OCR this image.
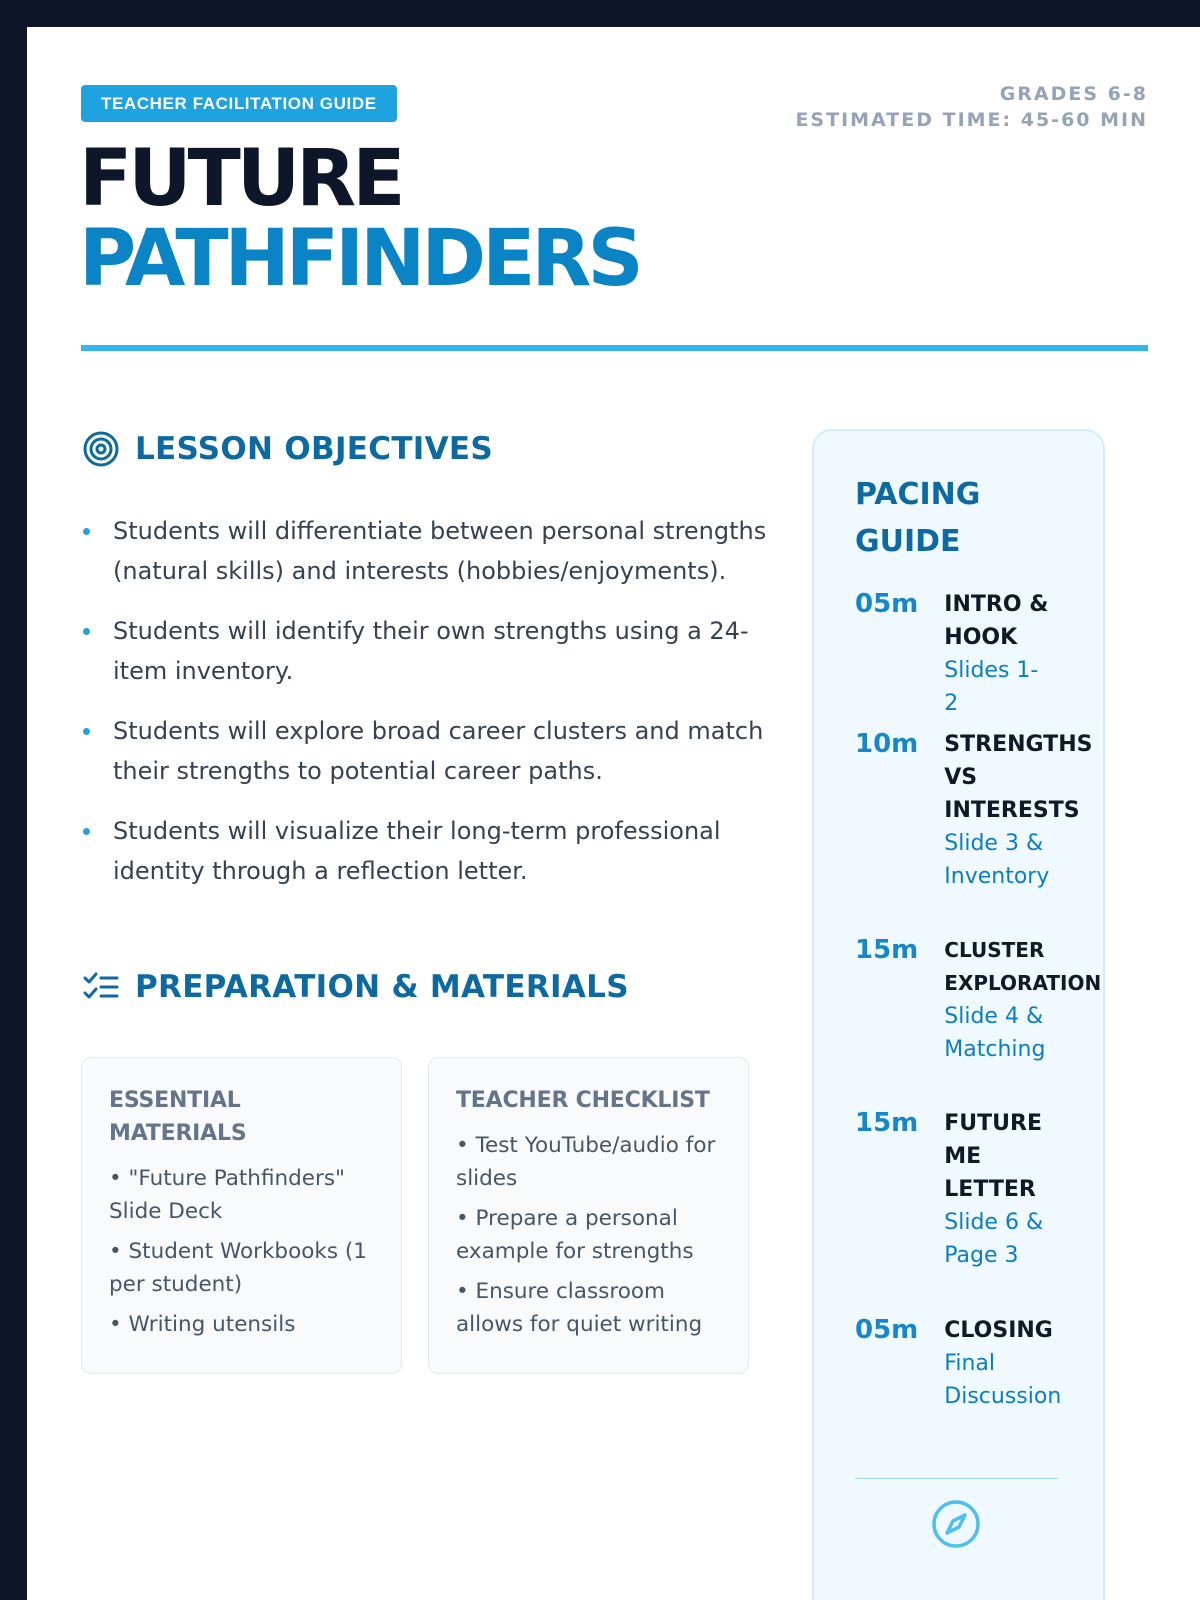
TEACHER FACILITATION GUIDE	GRADES 6-8
ESTIMATED TIME: 45-60 MIN
FUTURE
PATHFINDERS
LESSON OBJECTIVES
Students will differentiate between personal strengths (natural skills) and interests (hobbies/enjoyments).
Students will identify their own strengths using a 24-item inventory.
Students will explore broad career clusters and match their strengths to potential career paths.
Students will visualize their long-term professional identity through a reflection letter.
PREPARATION & MATERIALS
ESSENTIAL MATERIALS
• "Future Pathfinders" Slide Deck
• Student Workbooks (1 per student)
• Writing utensils
TEACHER CHECKLIST
• Test YouTube/audio for slides
• Prepare a personal example for strengths
• Ensure classroom allows for quiet writing
PACING GUIDE
05m INTRO & HOOK
Slides 1-2
10m STRENGTHS VS INTERESTS
Slide 3 & Inventory
15m CLUSTER EXPLORATION
Slide 4 & Matching
15m FUTURE ME LETTER
Slide 6 & Page 3
05m CLOSING
Final Discussion
